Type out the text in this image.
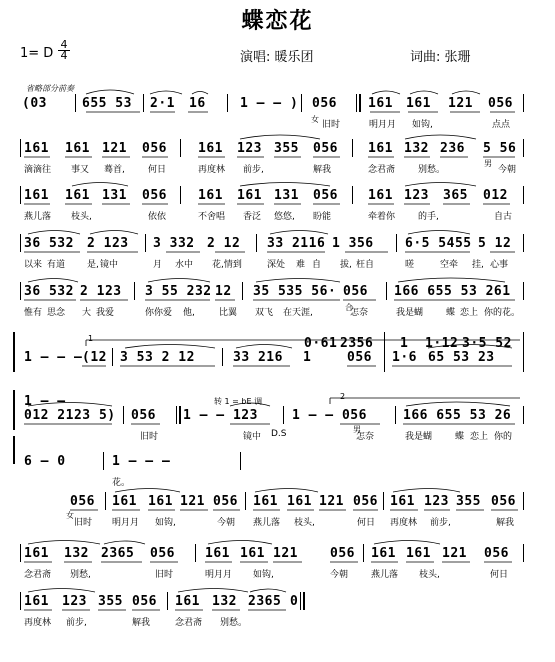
蝶恋花
1= D $\frac{4}{4}$	演唱: 暖乐团	词曲: 张珊
省略部分前奏
(03	655 53 2·1 16	1 – – ) 056 161 161 121 056
旧时	明月月 如钩,	点点
161 161 121 056 161 123 355 056 161 132 236 5 56
滴滴往 事又 蓦首,	何日	再度林 前步,	解我	念君斋	别愁。	今朝
161 161 131 056 161 161 131 056 161 123 365 012
燕儿落 枝头,	依依	不舍唱 香泛 悠悠, 盼能	牵着你	的手,	自古
36 532 2 123 3 332 2 12 33 2116 1 356 6·5 5455 5 12
以来 有道 是, 镜中	月 水中 花,情到	深处 难 自 拔, 枉自	嗟	空牵 挂, 心事
36 532 2 123 3 55 232 12 35 535 56· 056 166 655 53 261
惟有 思念 大 我爱	你你爱 他,	比翼 双飞 在天涯,	怎奈	我是蝴	蝶 恋上 你的花。
1 – – – (12 3 53 2 12	33 216 1	056 1·6 65 53 23
0·61 2356 1 1·12 3·5 52
012 2123 5) 056 1 – – 123	1 – – 056	166 655 53 26
1 – –
旧时	镜中 D.S	怎奈	我是蝴	蝶 恋上 你的
6 – 0	1 – – –
花。
056 161 161 121 056 161 161 121 056 161 123 355 056
旧时 明月月 如钩,	今朝 燕儿落 枝头,	何日 再度林 前步,	解我
161 132 2365 056 161 161 121 056 161 161 121 056
念君斋 别愁,	旧时	明月月 如钩,	今朝	燕儿落 枝头,	何日
161 123 355 056 161 132 2365 0
再度林 前步,	解我	念君斋 别愁。
1
2
转 1 = bE 调
女
男
合
男
女
